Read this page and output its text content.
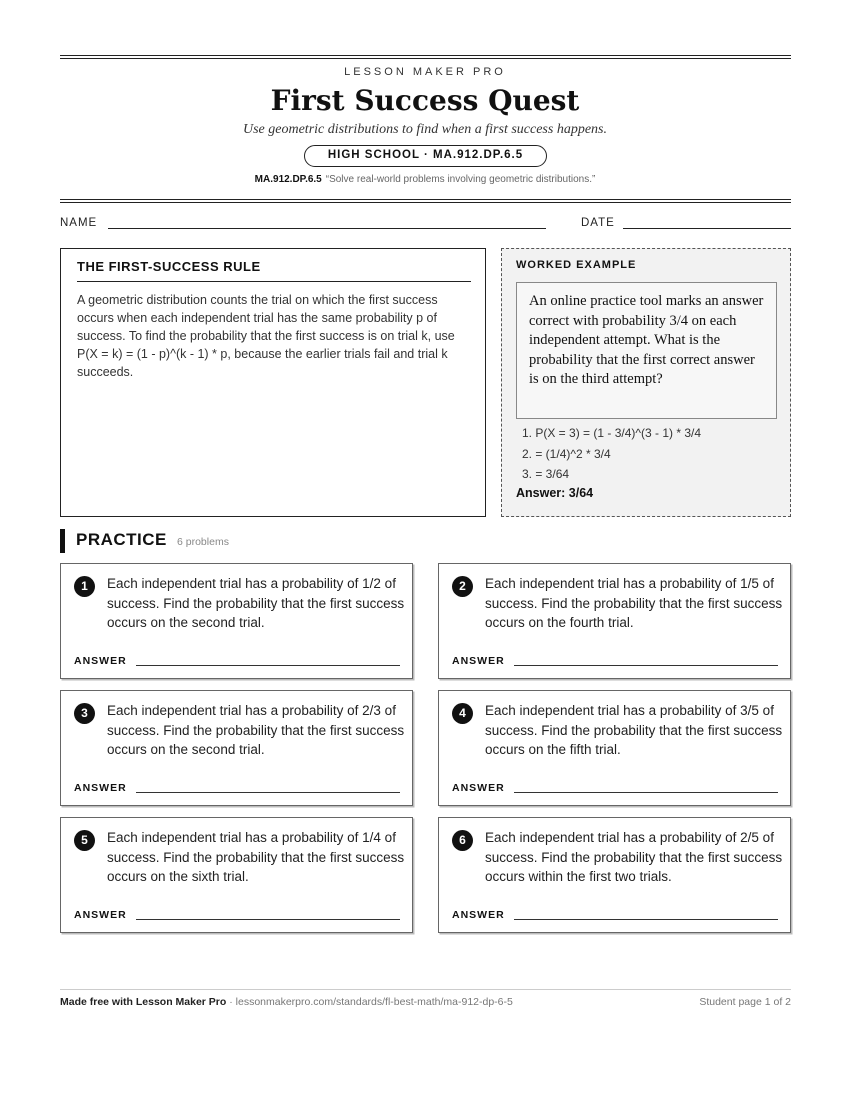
LESSON MAKER PRO
First Success Quest
Use geometric distributions to find when a first success happens.
HIGH SCHOOL · MA.912.DP.6.5
MA.912.DP.6.5 “Solve real-world problems involving geometric distributions.”
NAME	DATE
THE FIRST-SUCCESS RULE
A geometric distribution counts the trial on which the first success occurs when each independent trial has the same probability p of success. To find the probability that the first success is on trial k, use P(X = k) = (1 - p)^(k - 1) * p, because the earlier trials fail and trial k succeeds.
WORKED EXAMPLE
An online practice tool marks an answer correct with probability 3/4 on each independent attempt. What is the probability that the first correct answer is on the third attempt?
1. P(X = 3) = (1 - 3/4)^(3 - 1) * 3/4
2. = (1/4)^2 * 3/4
3. = 3/64
Answer: 3/64
PRACTICE 6 problems
1	Each independent trial has a probability of 1/2 of success. Find the probability that the first success occurs on the second trial.
ANSWER
2	Each independent trial has a probability of 1/5 of success. Find the probability that the first success occurs on the fourth trial.
ANSWER
3	Each independent trial has a probability of 2/3 of success. Find the probability that the first success occurs on the second trial.
ANSWER
4	Each independent trial has a probability of 3/5 of success. Find the probability that the first success occurs on the fifth trial.
ANSWER
5	Each independent trial has a probability of 1/4 of success. Find the probability that the first success occurs on the sixth trial.
ANSWER
6	Each independent trial has a probability of 2/5 of success. Find the probability that the first success occurs within the first two trials.
ANSWER
Made free with Lesson Maker Pro · lessonmakerpro.com/standards/fl-best-math/ma-912-dp-6-5	Student page 1 of 2
